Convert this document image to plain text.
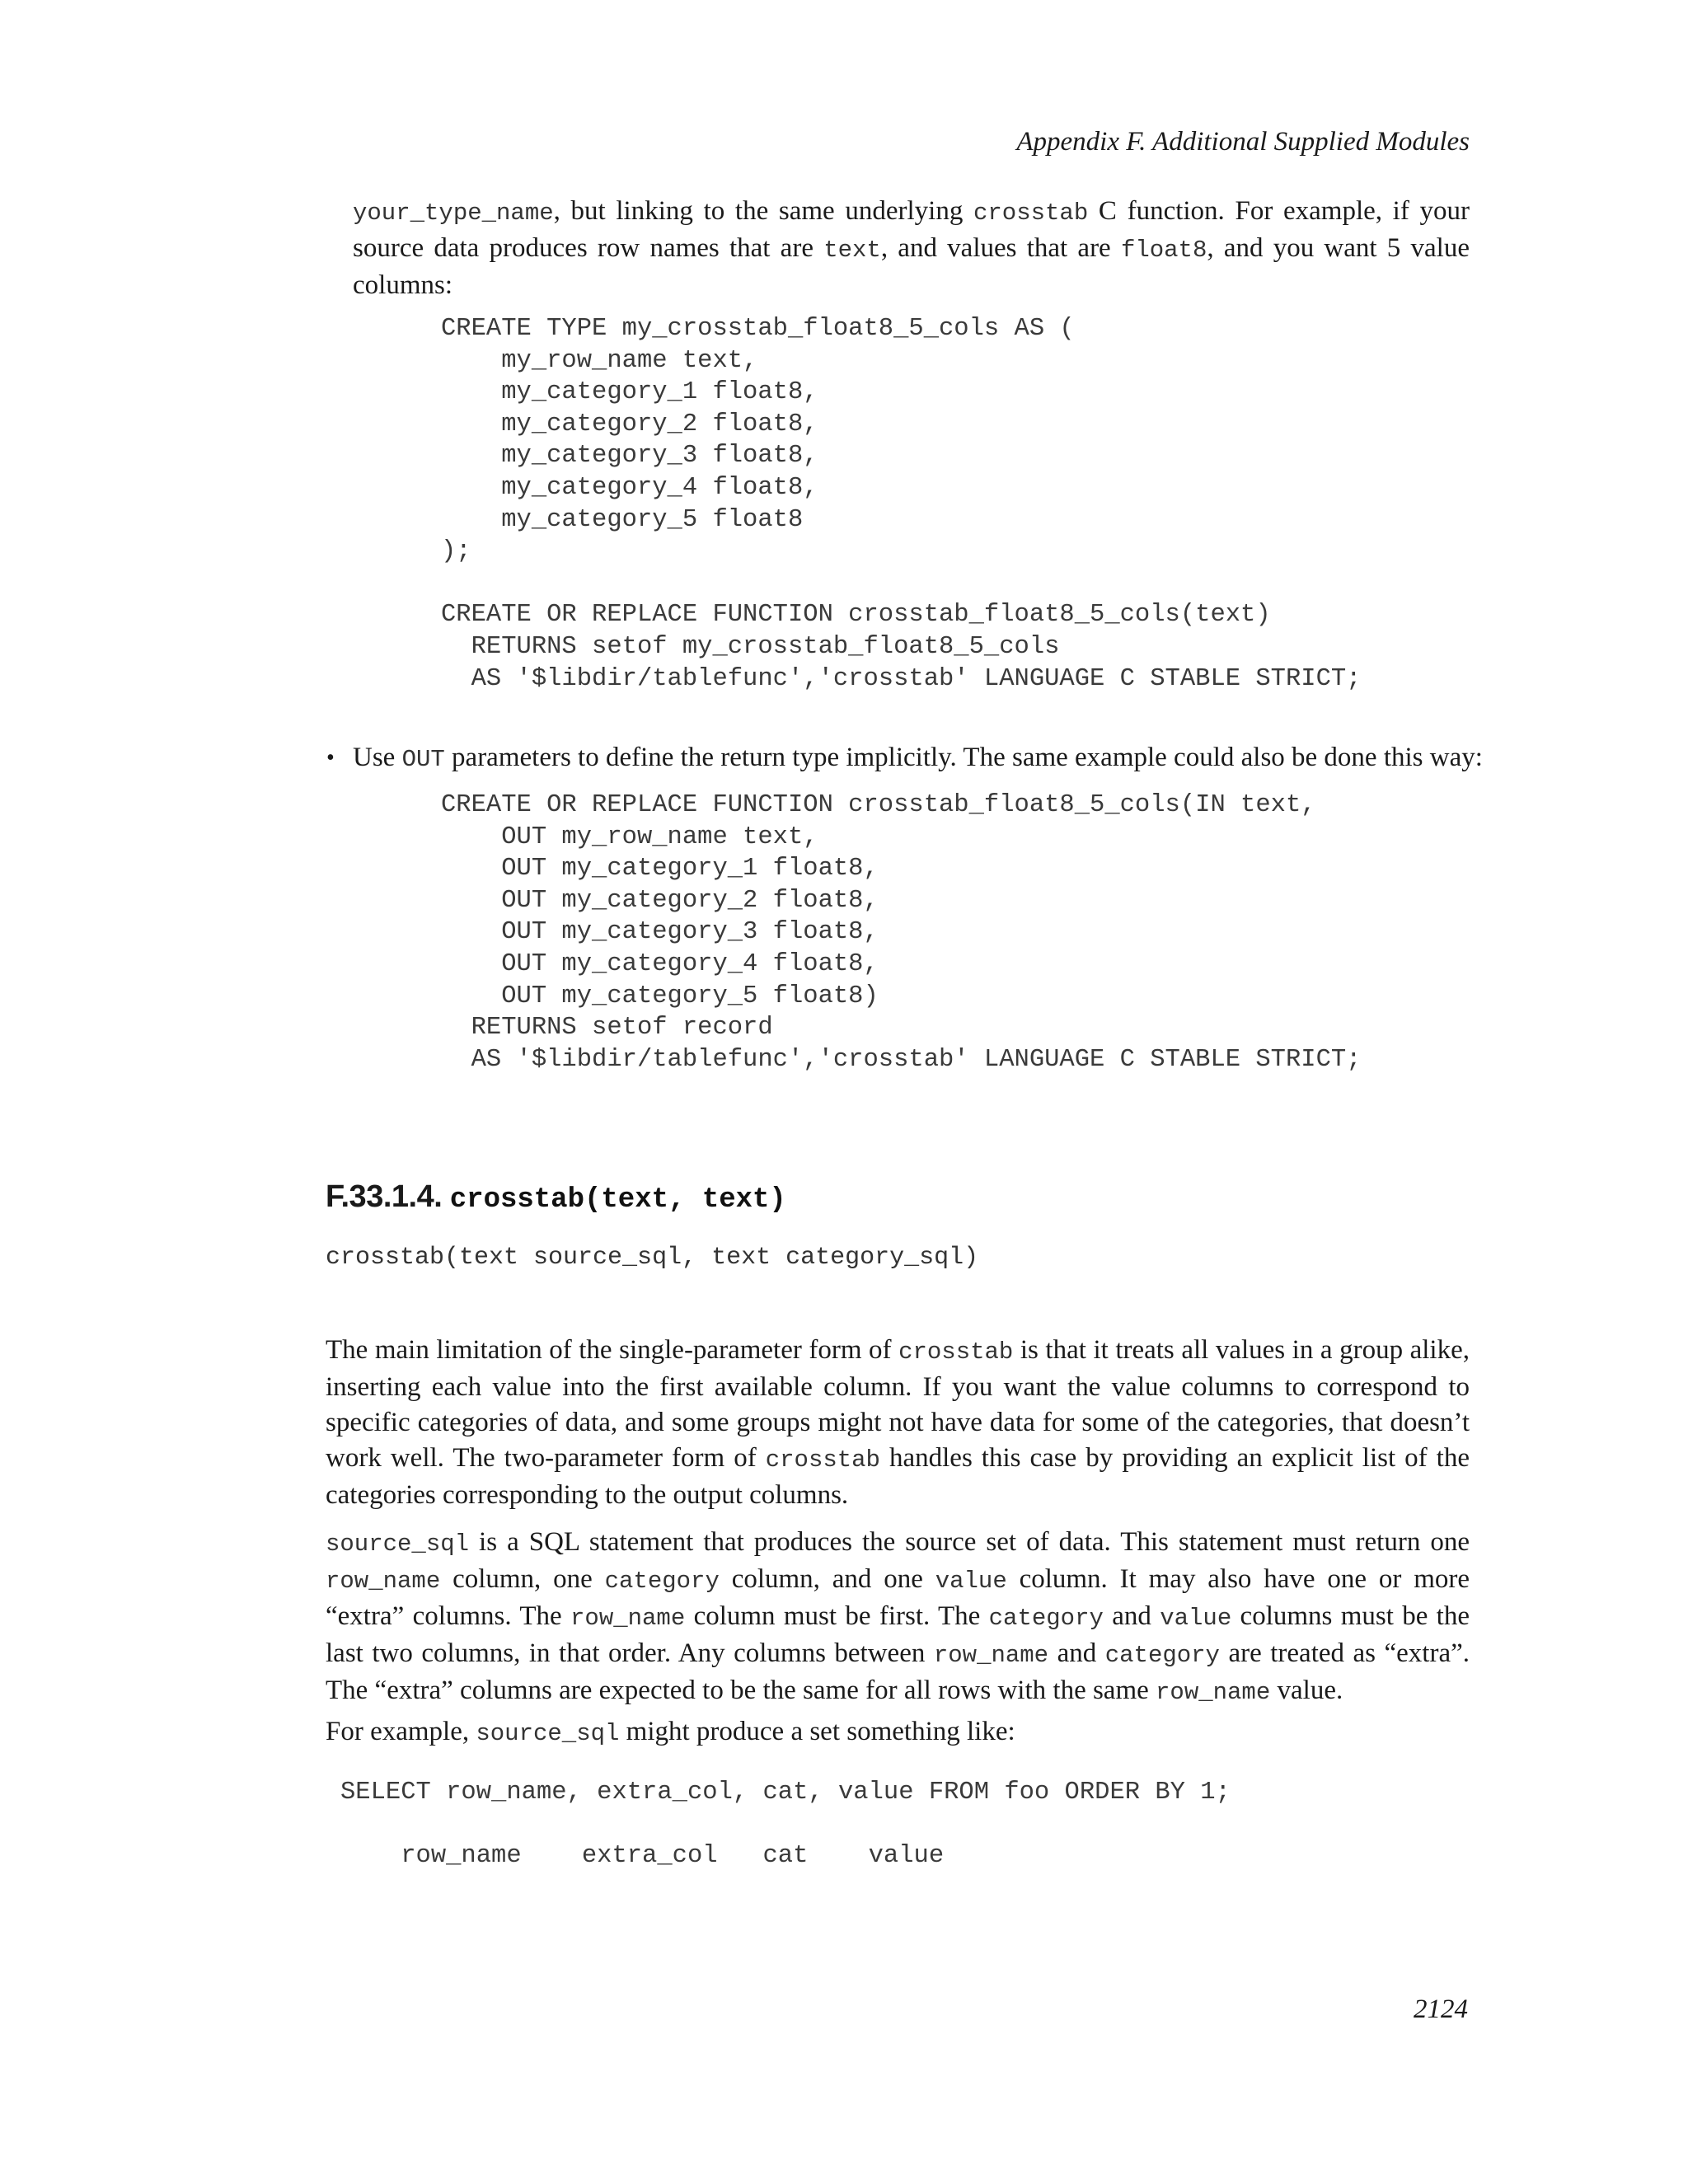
Appendix F. Additional Supplied Modules
your_type_name, but linking to the same underlying crosstab C function. For example, if your source data produces row names that are text, and values that are float8, and you want 5 value columns:
CREATE TYPE my_crosstab_float8_5_cols AS (
my_row_name text,
my_category_1 float8,
my_category_2 float8,
my_category_3 float8,
my_category_4 float8,
my_category_5 float8
);

CREATE OR REPLACE FUNCTION crosstab_float8_5_cols(text)
RETURNS setof my_crosstab_float8_5_cols
AS '$libdir/tablefunc','crosstab' LANGUAGE C STABLE STRICT;
• Use OUT parameters to define the return type implicitly. The same example could also be done this way:
CREATE OR REPLACE FUNCTION crosstab_float8_5_cols(IN text,
OUT my_row_name text,
OUT my_category_1 float8,
OUT my_category_2 float8,
OUT my_category_3 float8,
OUT my_category_4 float8,
OUT my_category_5 float8)
RETURNS setof record
AS '$libdir/tablefunc','crosstab' LANGUAGE C STABLE STRICT;
F.33.1.4. crosstab(text, text)
crosstab(text source_sql, text category_sql)
The main limitation of the single-parameter form of crosstab is that it treats all values in a group alike, inserting each value into the first available column. If you want the value columns to correspond to specific categories of data, and some groups might not have data for some of the categories, that doesn’t work well. The two-parameter form of crosstab handles this case by providing an explicit list of the categories corresponding to the output columns.
source_sql is a SQL statement that produces the source set of data. This statement must return one row_name column, one category column, and one value column. It may also have one or more “extra” columns. The row_name column must be first. The category and value columns must be the last two columns, in that order. Any columns between row_name and category are treated as “extra”. The “extra” columns are expected to be the same for all rows with the same row_name value.
For example, source_sql might produce a set something like:
SELECT row_name, extra_col, cat, value FROM foo ORDER BY 1;

row_name    extra_col   cat    value
2124
